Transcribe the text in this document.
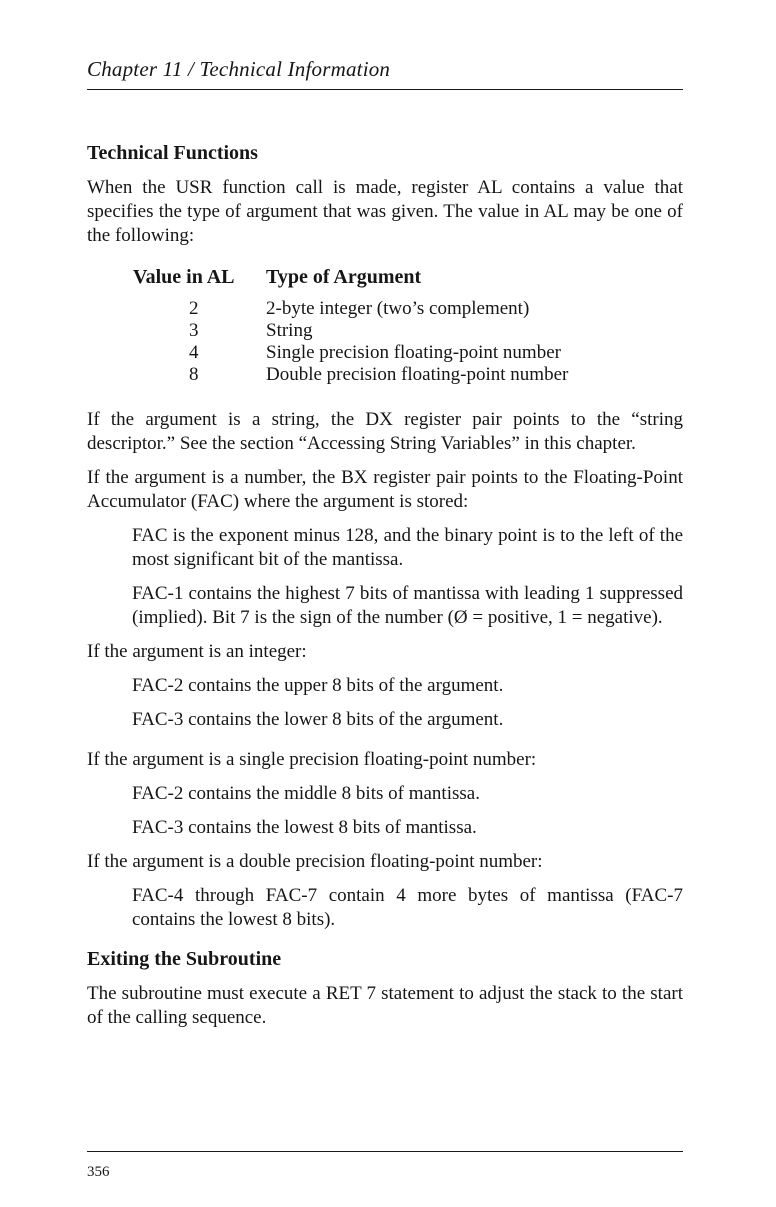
Chapter 11 / Technical Information
Technical Functions

When the USR function call is made, register AL contains a value that specifies the type of argument that was given. The value in AL may be one of the following:

Value in AL	Type of Argument
2	2-byte integer (two’s complement)
3	String
4	Single precision floating-point number
8	Double precision floating-point number

If the argument is a string, the DX register pair points to the “string descriptor.” See the section “Accessing String Variables” in this chapter.

If the argument is a number, the BX register pair points to the Floating-Point Accumulator (FAC) where the argument is stored:

FAC is the exponent minus 128, and the binary point is to the left of the most significant bit of the mantissa.

FAC-1 contains the highest 7 bits of mantissa with leading 1 suppressed (implied). Bit 7 is the sign of the number (Ø = positive, 1 = negative).

If the argument is an integer:

FAC-2 contains the upper 8 bits of the argument.

FAC-3 contains the lower 8 bits of the argument.

If the argument is a single precision floating-point number:

FAC-2 contains the middle 8 bits of mantissa.

FAC-3 contains the lowest 8 bits of mantissa.

If the argument is a double precision floating-point number:

FAC-4 through FAC-7 contain 4 more bytes of mantissa (FAC-7 contains the lowest 8 bits).

Exiting the Subroutine

The subroutine must execute a RET 7 statement to adjust the stack to the start of the calling sequence.

356
